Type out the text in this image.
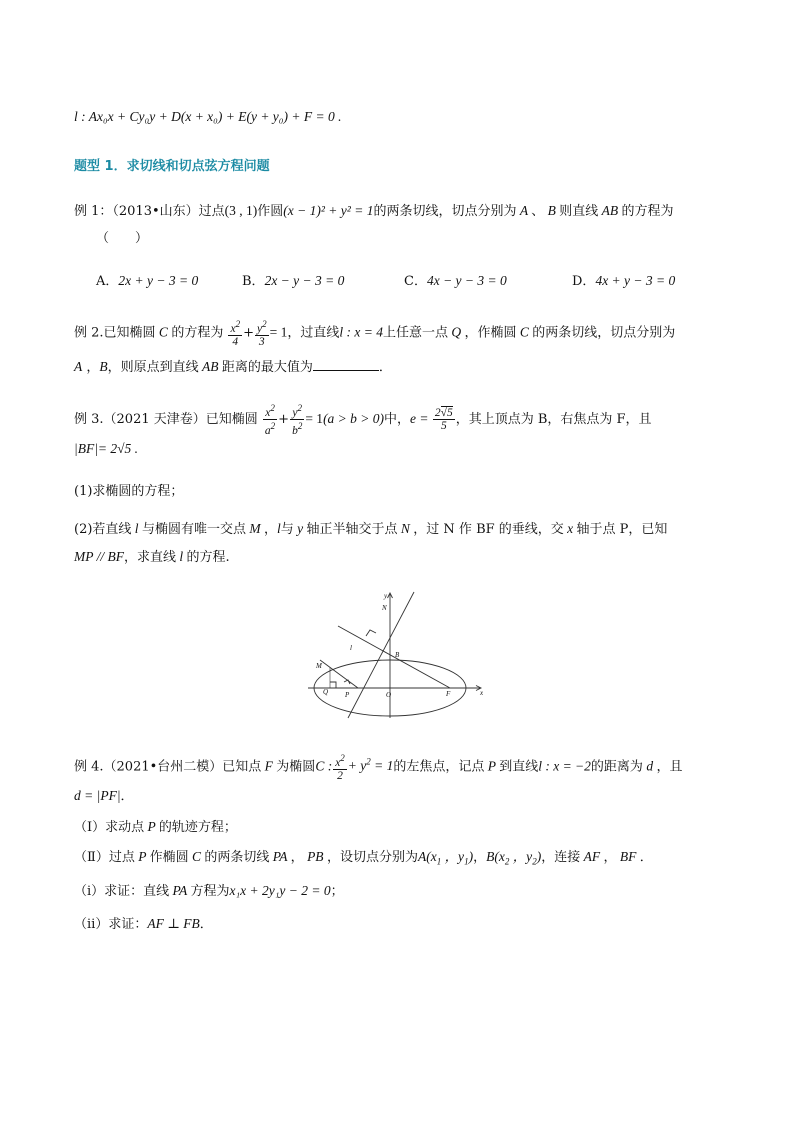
l : Ax₀x + Cy₀y + D(x + x₀) + E(y + y₀) + F = 0 .
题型 1．求切线和切点弦方程问题
例 1：（2013•山东）过点(3 , 1)作圆(x − 1)² + y² = 1的两条切线，切点分别为 A 、 B 则直线 AB 的方程为
（　　）
A．2x + y − 3 = 0	B．2x − y − 3 = 0	C．4x − y − 3 = 0	D．4x + y − 3 = 0
例 2.已知椭圆 C 的方程为 $\frac{x^2}{4} + \frac{y^2}{3} = 1$，过直线l : x = 4上任意一点 Q ，作椭圆 C 的两条切线，切点分别为
A ，B，则原点到直线 AB 距离的最大值为	．
例 3.（2021 天津卷）已知椭圆 $\frac{x^2}{a^2} + \frac{y^2}{b^2} = 1(a > b > 0)$中，$e = \frac{2√5}{5}$ ，其上顶点为 B，右焦点为 F，且
|BF|= 2√5 .
(1)求椭圆的方程；
(2)若直线 l 与椭圆有唯一交点 M ，l与 y 轴正半轴交于点 N ，过 N 作 BF 的垂线，交 x 轴于点 P，已知
MP // BF，求直线 l 的方程.
y
N
l
B
M
Q P	O	F	x
例 4.（2021•台州二模）已知点 F 为椭圆C : $\frac{x^2}{2} + y^2 = 1$的左焦点，记点 P 到直线l : x = −2的距离为 d ，且
d = |PF|．
（Ⅰ）求动点 P 的轨迹方程；
（Ⅱ）过点 P 作椭圆 C 的两条切线 PA ， PB ，设切点分别为$A(x_1$ ，$y_1$)，$B(x_2$ ，$y_2$)，连接 AF ， BF ．
（ⅰ）求证：直线 PA 方程为x₁x + 2y₁y − 2 = 0；
（ⅱ）求证：AF ⊥ FB．
